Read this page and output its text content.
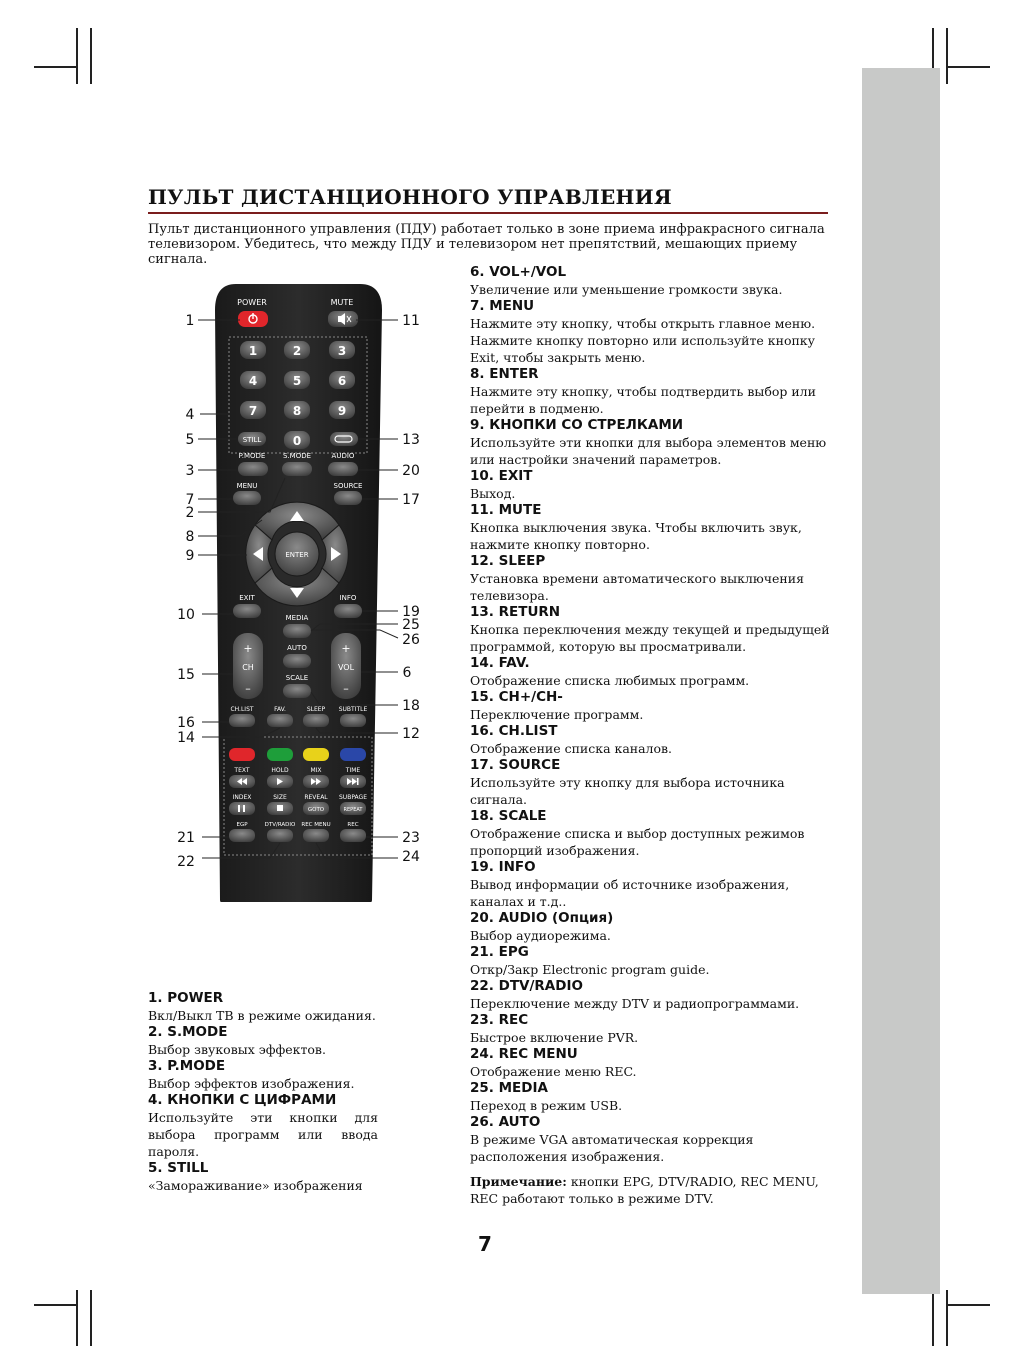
ПУЛЬТ ДИСТАНЦИОННОГО УПРАВЛЕНИЯ

Пульт дистанционного управления (ПДУ) работает только в зоне приема инфракрасного сигнала телевизором. Убедитесь, что между ПДУ и телевизором нет препятствий, мешающих приему сигнала.

POWER	MUTE
1	2	3
4	5	6
7	8	9
0
STILL
P.MODE	S.MODE	AUDIO
MENU	SOURCE
ENTER
EXIT	INFO
MEDIA
AUTO
SCALE
+
CH
–
+
VOL
–
CH.LIST	FAV.	SLEEP SUBTITLE
TEXT	HOLD	MIX	TIME
INDEX	SIZE	REVEAL SUBPAGE
GOTO	REPEAT
EGP	DTV/RADIO REC MENU	REC
1
2
3
4
5
6
7
8
9
10
11
12
13
14
15
16
17
18
19
20
21
22
23
24
25
26
1. POWER
Вкл/Выкл ТВ в режиме ожидания.
2. S.MODE
Выбор звуковых эффектов.
3. P.MODE
Выбор эффектов изображения.
4. КНОПКИ С ЦИФРАМИ
Используйте эти кнопки для выбора программ или ввода пароля.
5. STILL
«Замораживание» изображения
6. VOL+/VOL
Увеличение или уменьшение громкости звука.
7. MENU
Нажмите эту кнопку, чтобы открыть главное меню. Нажмите кнопку повторно или используйте кнопку Exit, чтобы закрыть меню.
8. ENTER
Нажмите эту кнопку, чтобы подтвердить выбор или перейти в подменю.
9. КНОПКИ СО СТРЕЛКАМИ
Используйте эти кнопки для выбора элементов меню или настройки значений параметров.
10. EXIT
Выход.
11. MUTE
Кнопка выключения звука. Чтобы включить звук, нажмите кнопку повторно.
12. SLEEP
Установка времени автоматического выключения телевизора.
13. RETURN
Кнопка переключения между текущей и предыдущей программой, которую вы просматривали.
14. FAV.
Отображение списка любимых программ.
15. CH+/CH-
Переключение программ.
16. CH.LIST
Отображение списка каналов.
17. SOURCE
Используйте эту кнопку для выбора источника сигнала.
18. SCALE
Отображение списка и выбор доступных режимов пропорций изображения.
19. INFO
Вывод информации об источнике изображения, каналах и т.д..
20. AUDIO (Опция)
Выбор аудиорежима.
21. EPG
Откр/Закр Electronic program guide.
22. DTV/RADIO
Переключение между DTV и радиопрограммами.
23. REC
Быстрое включение PVR.
24. REC MENU
Отображение меню REC.
25. MEDIA
Переход в режим USB.
26. AUTO
В режиме VGA автоматическая коррекция расположения изображения.
Примечание: кнопки EPG, DTV/RADIO, REC MENU, REC работают только в режиме DTV.
7
